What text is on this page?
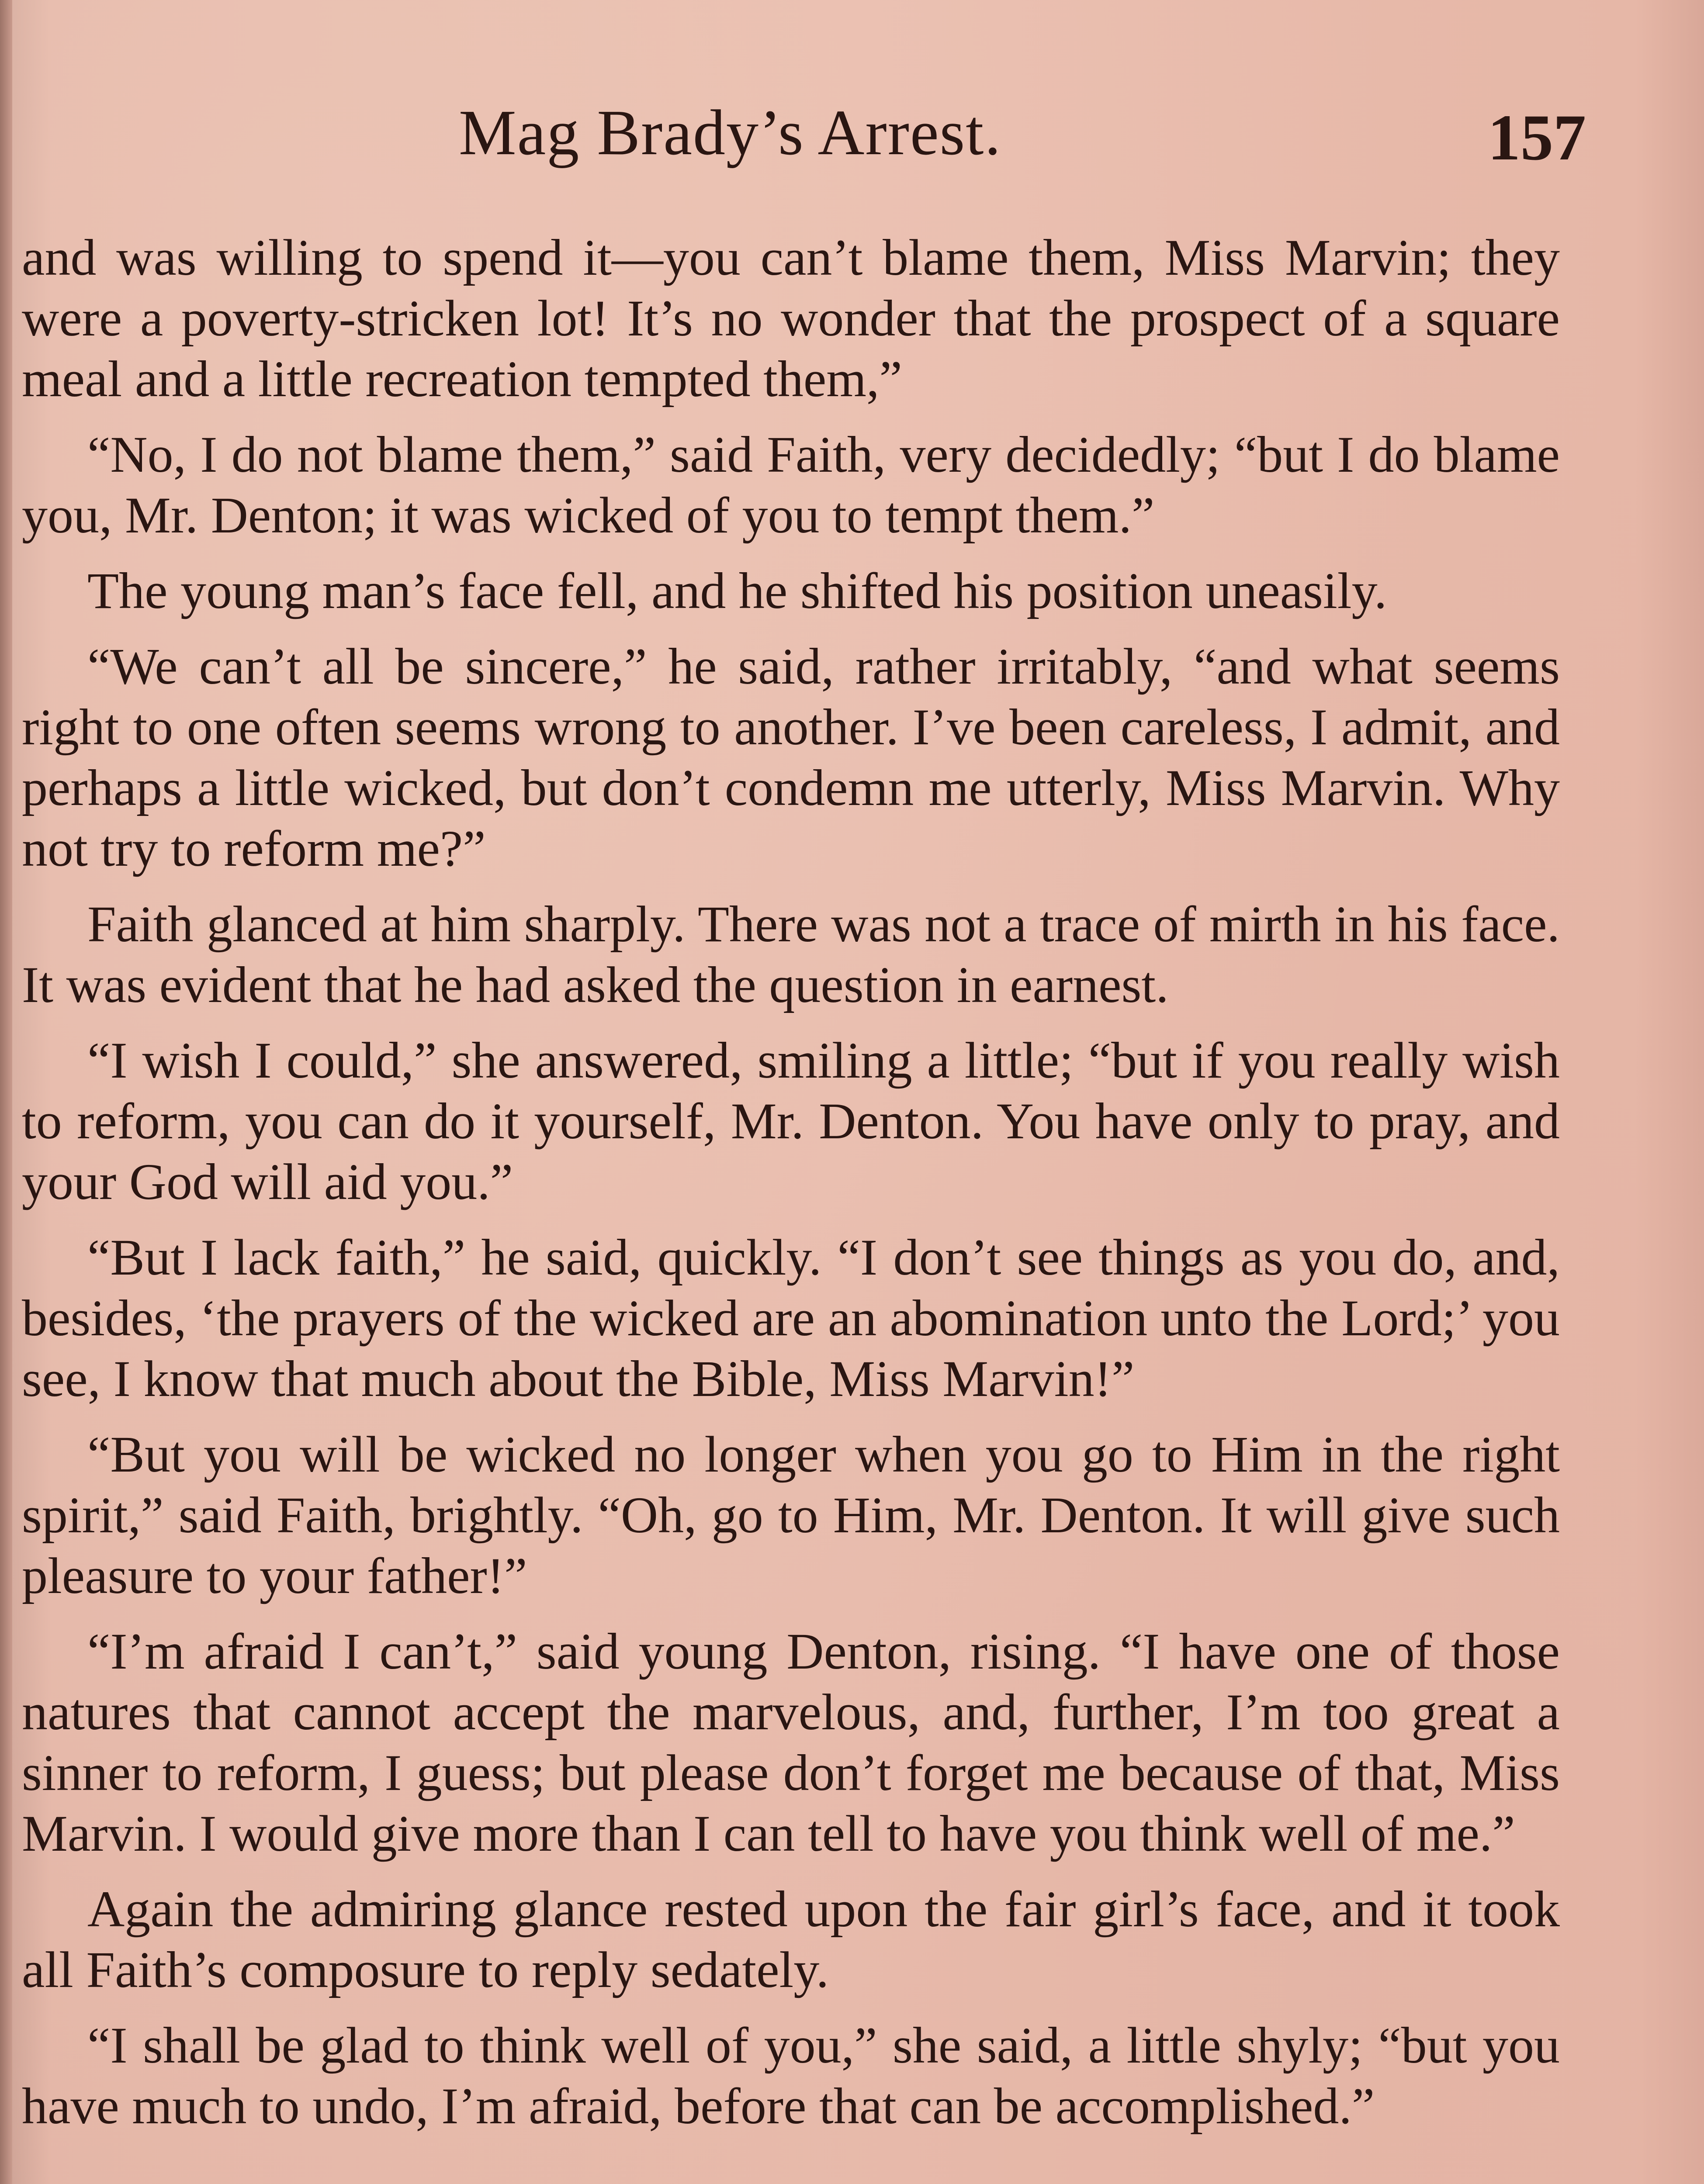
Mag Brady’s Arrest.	157

and was willing to spend it—you can’t blame them, Miss Marvin; they were a poverty-stricken lot! It’s no wonder that the prospect of a square meal and a little recreation tempted them,”

“No, I do not blame them,” said Faith, very decidedly; “but I do blame you, Mr. Denton; it was wicked of you to tempt them.”

The young man’s face fell, and he shifted his position uneasily.

“We can’t all be sincere,” he said, rather irritably, “and what seems right to one often seems wrong to another. I’ve been careless, I admit, and perhaps a little wicked, but don’t condemn me utterly, Miss Marvin. Why not try to reform me?”

Faith glanced at him sharply. There was not a trace of mirth in his face. It was evident that he had asked the question in earnest.

“I wish I could,” she answered, smiling a little; “but if you really wish to reform, you can do it yourself, Mr. Denton. You have only to pray, and your God will aid you.”

“But I lack faith,” he said, quickly. “I don’t see things as you do, and, besides, ‘the prayers of the wicked are an abomination unto the Lord;’ you see, I know that much about the Bible, Miss Marvin!”

“But you will be wicked no longer when you go to Him in the right spirit,” said Faith, brightly. “Oh, go to Him, Mr. Denton. It will give such pleasure to your father!”

“I’m afraid I can’t,” said young Denton, rising. “I have one of those natures that cannot accept the marvelous, and, further, I’m too great a sinner to reform, I guess; but please don’t forget me because of that, Miss Marvin. I would give more than I can tell to have you think well of me.”

Again the admiring glance rested upon the fair girl’s face, and it took all Faith’s composure to reply sedately.

“I shall be glad to think well of you,” she said, a little shyly; “but you have much to undo, I’m afraid, before that can be accomplished.”
